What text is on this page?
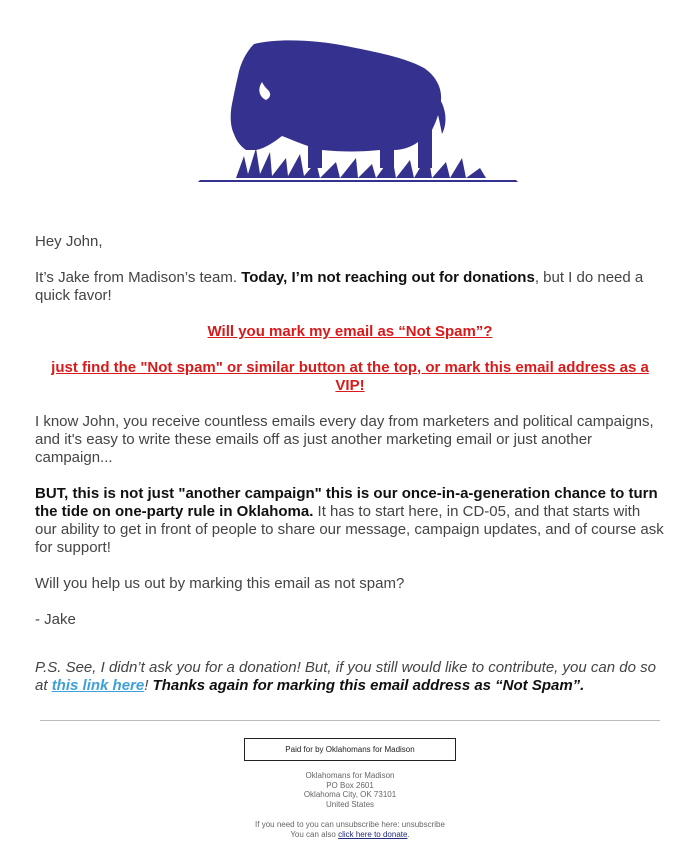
Hey John,

It’s Jake from Madison’s team. Today, I’m not reaching out for donations, but I do need a quick favor!

Will you mark my email as “Not Spam”?

just find the "Not spam" or similar button at the top, or mark this email address as a VIP!

I know John, you receive countless emails every day from marketers and political campaigns, and it's easy to write these emails off as just another marketing email or just another campaign...

BUT, this is not just "another campaign" this is our once-in-a-generation chance to turn the tide on one-party rule in Oklahoma. It has to start here, in CD-05, and that starts with our ability to get in front of people to share our message, campaign updates, and of course ask for support!

Will you help us out by marking this email as not spam?

- Jake

P.S. See, I didn’t ask you for a donation! But, if you still would like to contribute, you can do so at this link here! Thanks again for marking this email address as “Not Spam”.

Paid for by Oklahomans for Madison
Oklahomans for Madison
PO Box 2601
Oklahoma City, OK 73101
United States
If you need to you can unsubscribe here: unsubscribe
You can also click here to donate.
